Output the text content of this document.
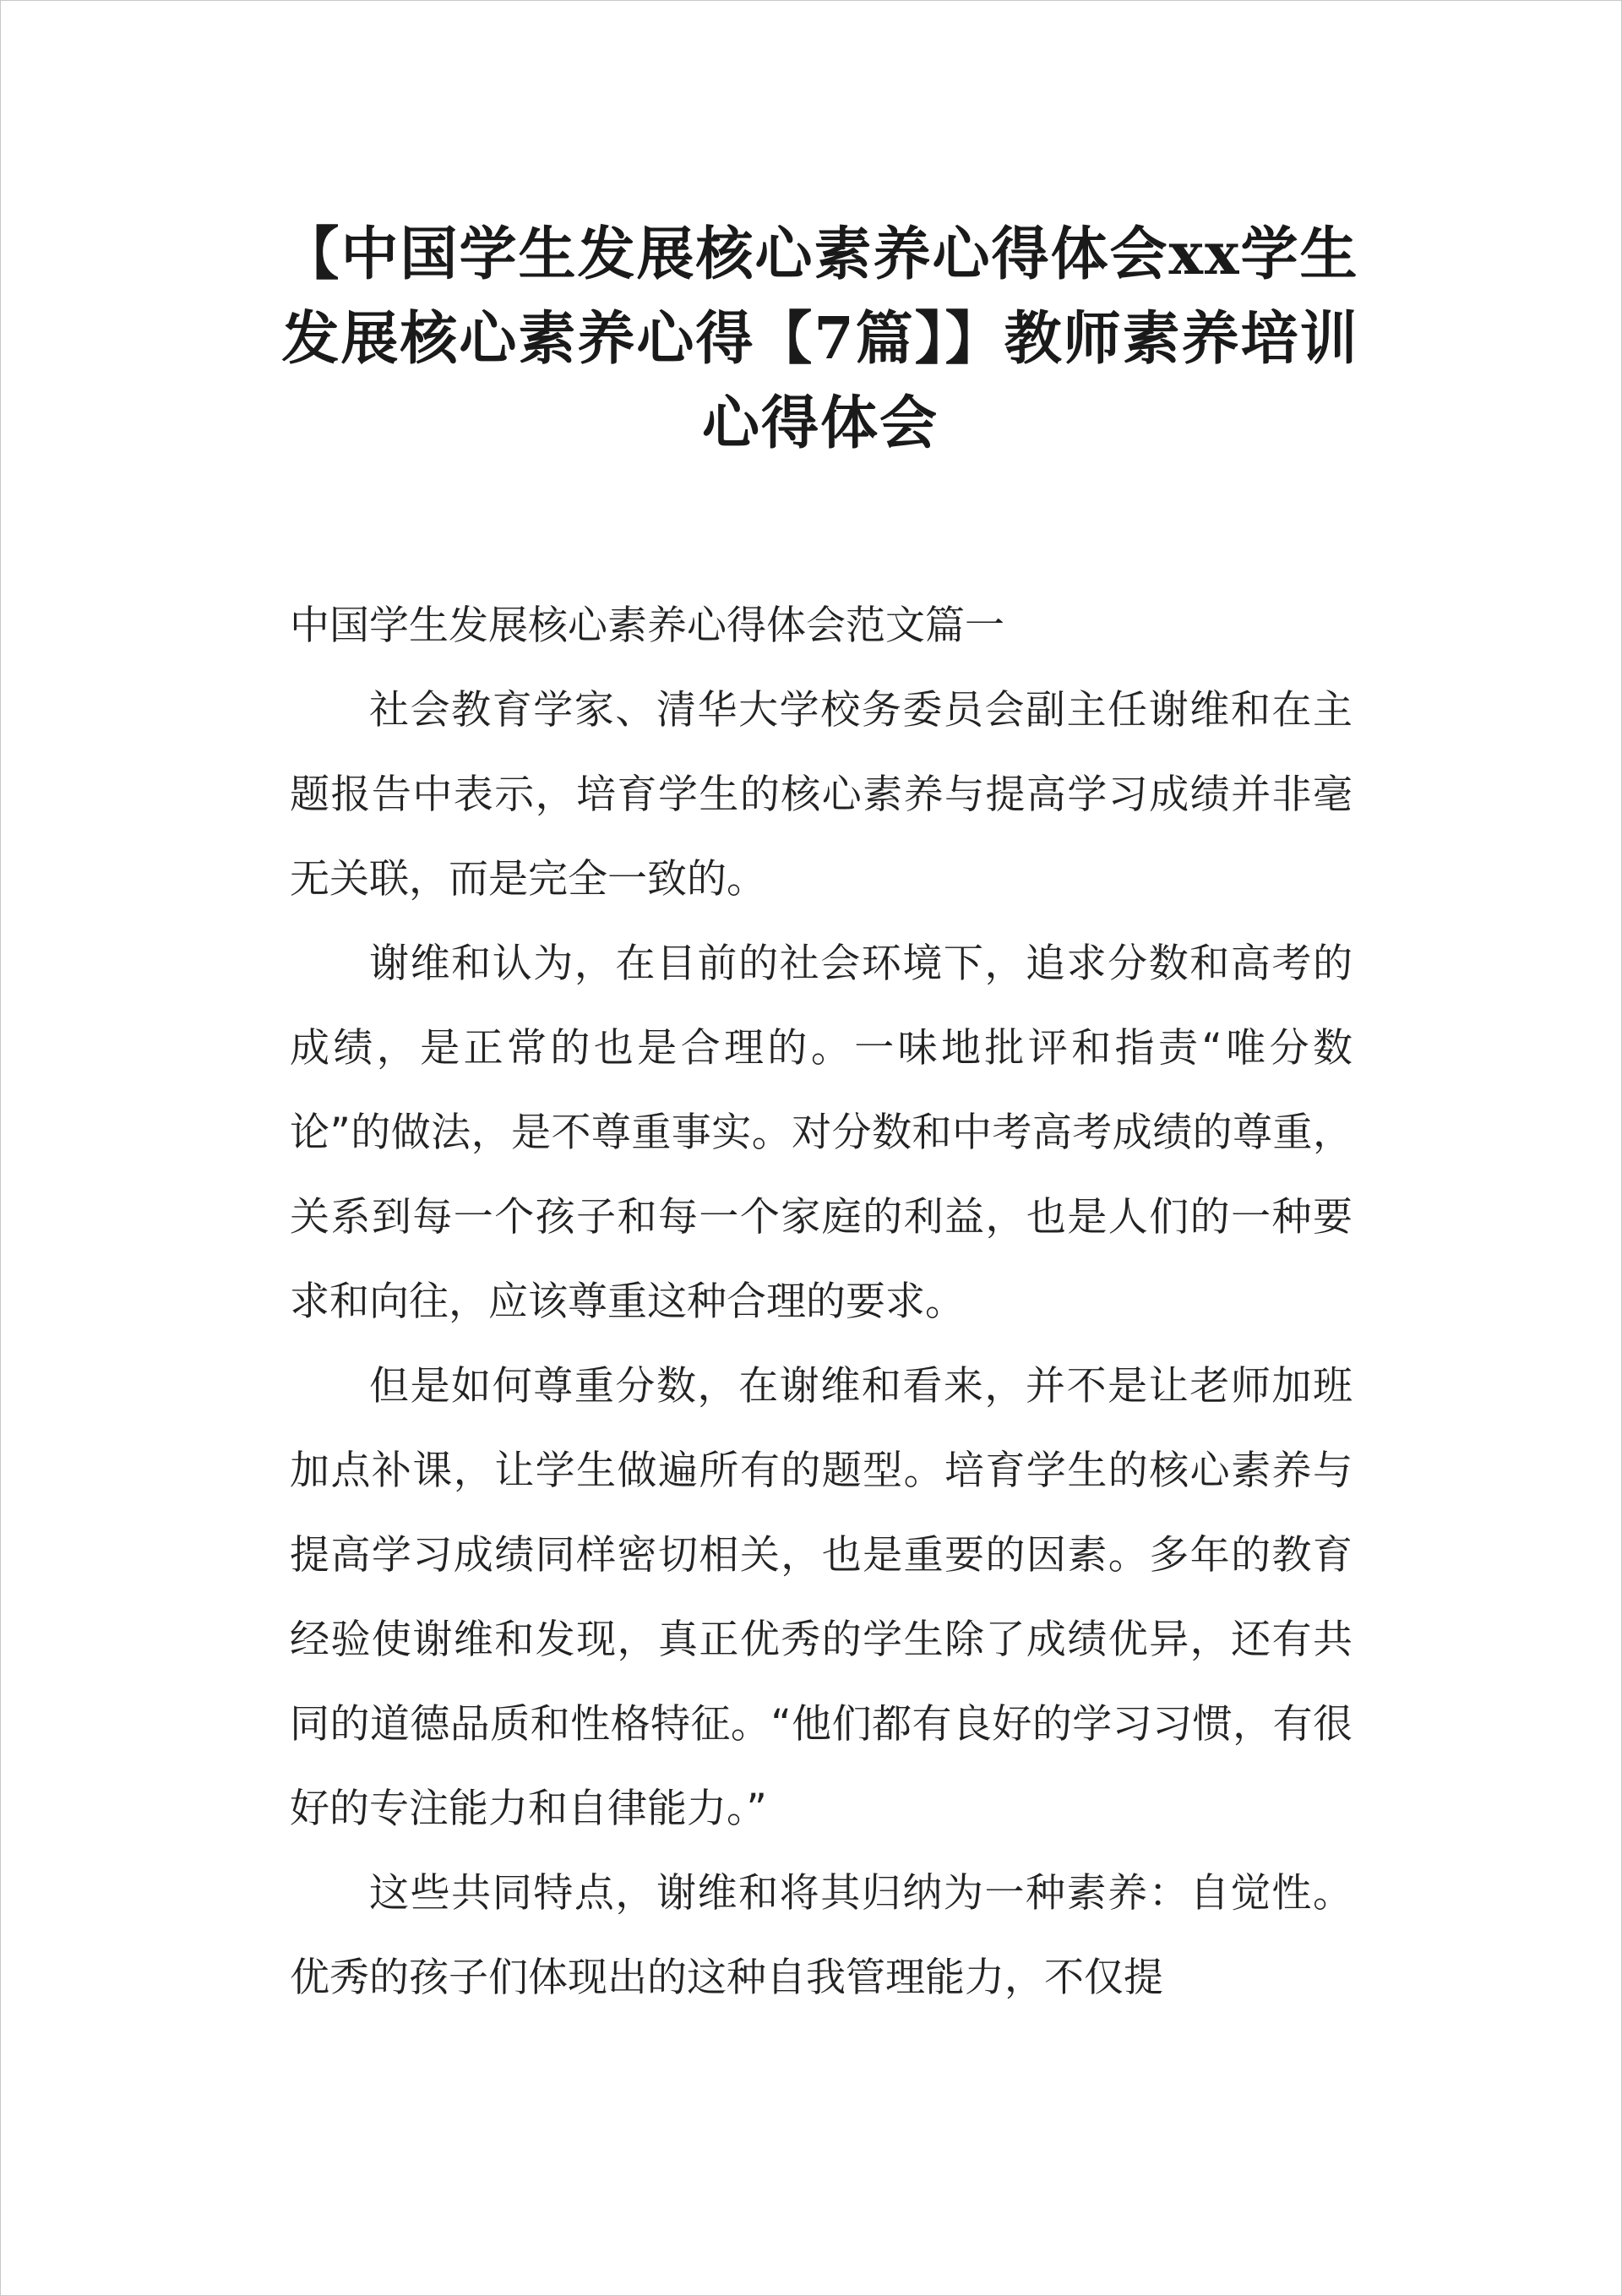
【中国学生发展核心素养心得体会xx学生发展核心素养心得【7篇】】教师素养培训心得体会

中国学生发展核心素养心得体会范文篇一

社会教育学家、清华大学校务委员会副主任谢维和在主题报告中表示，培育学生的核心素养与提高学习成绩并非毫无关联，而是完全一致的。

谢维和认为，在目前的社会环境下，追求分数和高考的成绩，是正常的也是合理的。一味地批评和指责“唯分数论”的做法，是不尊重事实。对分数和中考高考成绩的尊重，关系到每一个孩子和每一个家庭的利益，也是人们的一种要求和向往，应该尊重这种合理的要求。

但是如何尊重分数，在谢维和看来，并不是让老师加班加点补课，让学生做遍所有的题型。培育学生的核心素养与提高学习成绩同样密切相关，也是重要的因素。多年的教育经验使谢维和发现，真正优秀的学生除了成绩优异，还有共同的道德品质和性格特征。“他们都有良好的学习习惯，有很好的专注能力和自律能力。”

这些共同特点，谢维和将其归纳为一种素养：自觉性。优秀的孩子们体现出的这种自我管理能力，不仅提
